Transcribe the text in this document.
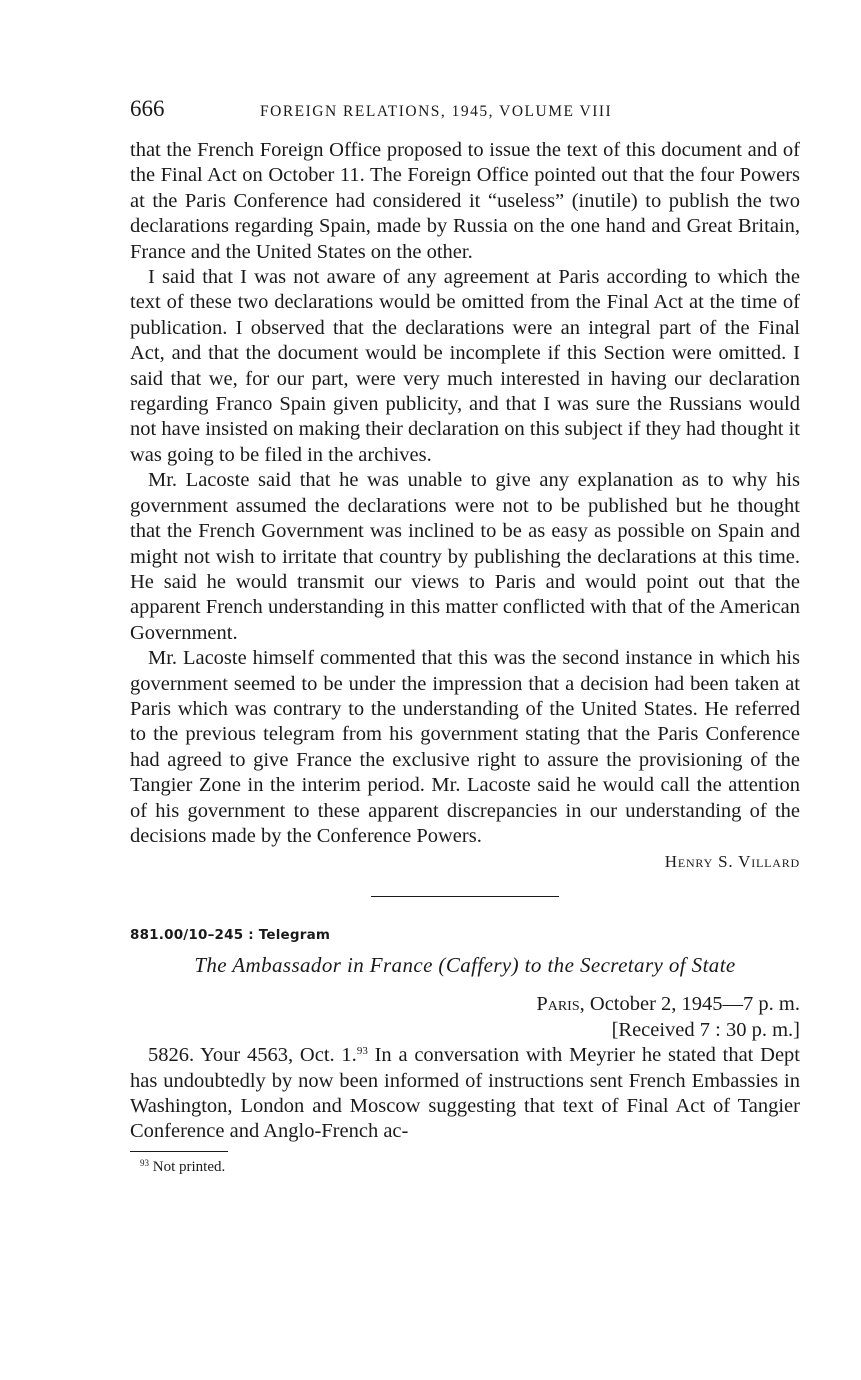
666	FOREIGN RELATIONS, 1945, VOLUME VIII

that the French Foreign Office proposed to issue the text of this document and of the Final Act on October 11. The Foreign Office pointed out that the four Powers at the Paris Conference had considered it “useless” (inutile) to publish the two declarations regarding Spain, made by Russia on the one hand and Great Britain, France and the United States on the other.

I said that I was not aware of any agreement at Paris according to which the text of these two declarations would be omitted from the Final Act at the time of publication. I observed that the declarations were an integral part of the Final Act, and that the document would be incomplete if this Section were omitted. I said that we, for our part, were very much interested in having our declaration regarding Franco Spain given publicity, and that I was sure the Russians would not have insisted on making their declaration on this subject if they had thought it was going to be filed in the archives.

Mr. Lacoste said that he was unable to give any explanation as to why his government assumed the declarations were not to be published but he thought that the French Government was inclined to be as easy as possible on Spain and might not wish to irritate that country by publishing the declarations at this time. He said he would transmit our views to Paris and would point out that the apparent French understanding in this matter conflicted with that of the American Government.

Mr. Lacoste himself commented that this was the second instance in which his government seemed to be under the impression that a decision had been taken at Paris which was contrary to the understanding of the United States. He referred to the previous telegram from his government stating that the Paris Conference had agreed to give France the exclusive right to assure the provisioning of the Tangier Zone in the interim period. Mr. Lacoste said he would call the attention of his government to these apparent discrepancies in our understanding of the decisions made by the Conference Powers.

Henry S. Villard
881.00/10–245 : Telegram
The Ambassador in France (Caffery) to the Secretary of State
Paris, October 2, 1945—7 p. m.
[Received 7 : 30 p. m.]

5826. Your 4563, Oct. 1.93 In a conversation with Meyrier he stated that Dept has undoubtedly by now been informed of instructions sent French Embassies in Washington, London and Moscow suggesting that text of Final Act of Tangier Conference and Anglo-French ac-

$^{93}$ Not printed.
